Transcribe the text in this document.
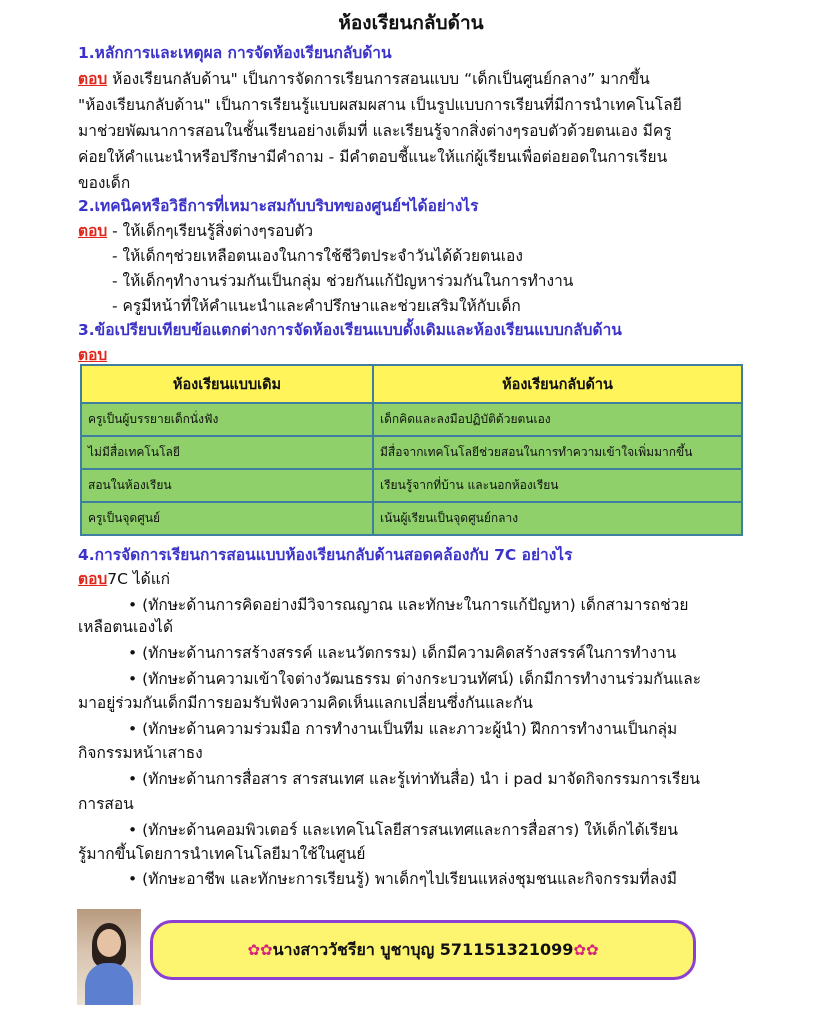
ห้องเรียนกลับด้าน
1.หลักการและเหตุผล การจัดห้องเรียนกลับด้าน
ตอบ ห้องเรียนกลับด้าน" เป็นการจัดการเรียนการสอนแบบ “เด็กเป็นศูนย์กลาง” มากขึ้น
"ห้องเรียนกลับด้าน" เป็นการเรียนรู้แบบผสมผสาน เป็นรูปแบบการเรียนที่มีการนำเทคโนโลยี
มาช่วยพัฒนาการสอนในชั้นเรียนอย่างเต็มที่ และเรียนรู้จากสิ่งต่างๆรอบตัวด้วยตนเอง มีครู
ค่อยให้คำแนะนำหรือปรึกษามีคำถาม - มีคำตอบชี้แนะให้แก่ผู้เรียนเพื่อต่อยอดในการเรียน
ของเด็ก
2.เทคนิคหรือวิธีการที่เหมาะสมกับบริบทของศูนย์ฯได้อย่างไร
ตอบ - ให้เด็กๆเรียนรู้สิ่งต่างๆรอบตัว
- ให้เด็กๆช่วยเหลือตนเองในการใช้ชีวิตประจำวันได้ด้วยตนเอง
- ให้เด็กๆทำงานร่วมกันเป็นกลุ่ม ช่วยกันแก้ปัญหาร่วมกันในการทำงาน
- ครูมีหน้าที่ให้คำแนะนำและคำปรึกษาและช่วยเสริมให้กับเด็ก
3.ข้อเปรียบเทียบข้อแตกต่างการจัดห้องเรียนแบบดั้งเดิมและห้องเรียนแบบกลับด้าน
ตอบ
ห้องเรียนแบบเดิม	ห้องเรียนกลับด้าน
ครูเป็นผู้บรรยายเด็กนั่งฟัง	เด็กคิดและลงมือปฏิบัติด้วยตนเอง
ไม่มีสื่อเทคโนโลยี	มีสื่อจากเทคโนโลยีช่วยสอนในการทำความเข้าใจเพิ่มมากขึ้น
สอนในห้องเรียน	เรียนรู้จากที่บ้าน และนอกห้องเรียน
ครูเป็นจุดศูนย์	เน้นผู้เรียนเป็นจุดศูนย์กลาง
4.การจัดการเรียนการสอนแบบห้องเรียนกลับด้านสอดคล้องกับ 7C อย่างไร
ตอบ7C ได้แก่
• (ทักษะด้านการคิดอย่างมีวิจารณญาณ และทักษะในการแก้ปัญหา) เด็กสามารถช่วย
เหลือตนเองได้
• (ทักษะด้านการสร้างสรรค์ และนวัตกรรม) เด็กมีความคิดสร้างสรรค์ในการทำงาน
• (ทักษะด้านความเข้าใจต่างวัฒนธรรม ต่างกระบวนทัศน์) เด็กมีการทำงานร่วมกันและ
มาอยู่ร่วมกันเด็กมีการยอมรับฟังความคิดเห็นแลกเปลี่ยนซึ่งกันและกัน
• (ทักษะด้านความร่วมมือ การทำงานเป็นทีม และภาวะผู้นำ) ฝึกการทำงานเป็นกลุ่ม
กิจกรรมหน้าเสาธง
• (ทักษะด้านการสื่อสาร สารสนเทศ และรู้เท่าทันสื่อ) นำ i pad มาจัดกิจกรรมการเรียน
การสอน
• (ทักษะด้านคอมพิวเตอร์ และเทคโนโลยีสารสนเทศและการสื่อสาร) ให้เด็กได้เรียน
รู้มากขึ้นโดยการนำเทคโนโลยีมาใช้ในศูนย์
• (ทักษะอาชีพ และทักษะการเรียนรู้) พาเด็กๆไปเรียนแหล่งชุมชนและกิจกรรมที่ลงมื
✿ ✿ นางสาววัชรียา บูชาบุญ 571151321099 ✿ ✿
